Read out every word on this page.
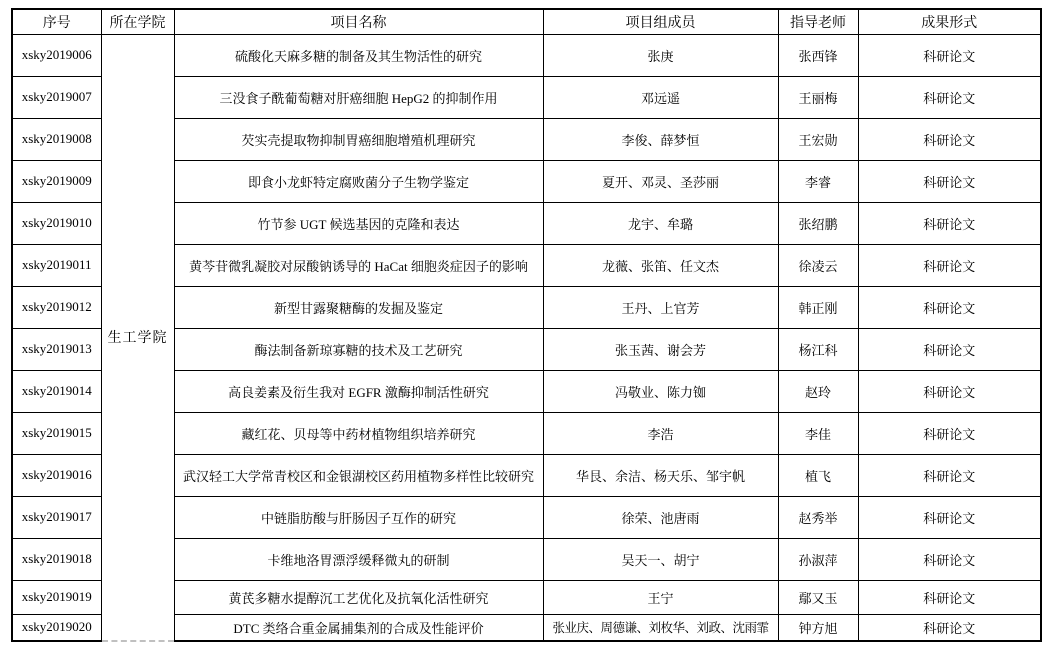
序号	所在学院	项目名称	项目组成员	指导老师	成果形式
xsky2019006	生工学院	硫酸化天麻多糖的制备及其生物活性的研究	张庚	张西锋	科研论文
xsky2019007		三没食子酰葡萄糖对肝癌细胞 HepG2 的抑制作用	邓远遥	王丽梅	科研论文
xsky2019008		芡实壳提取物抑制胃癌细胞增殖机理研究	李俊、薛梦恒	王宏勋	科研论文
xsky2019009		即食小龙虾特定腐败菌分子生物学鉴定	夏开、邓灵、圣莎丽	李睿	科研论文
xsky2019010		竹节参 UGT 候选基因的克隆和表达	龙宇、牟璐	张绍鹏	科研论文
xsky2019011		黄芩苷微乳凝胶对尿酸钠诱导的 HaCat 细胞炎症因子的影响	龙薇、张笛、任文杰	徐凌云	科研论文
xsky2019012		新型甘露聚糖酶的发掘及鉴定	王丹、上官芳	韩正刚	科研论文
xsky2019013		酶法制备新琼寡糖的技术及工艺研究	张玉茜、谢会芳	杨江科	科研论文
xsky2019014		高良姜素及衍生我对 EGFR 激酶抑制活性研究	冯敬业、陈力铷	赵玲	科研论文
xsky2019015		藏红花、贝母等中药材植物组织培养研究	李浩	李佳	科研论文
xsky2019016		武汉轻工大学常青校区和金银湖校区药用植物多样性比较研究	华艮、余洁、杨天乐、邹宇帆	植飞	科研论文
xsky2019017		中链脂肪酸与肝肠因子互作的研究	徐荣、池唐雨	赵秀举	科研论文
xsky2019018		卡维地洛胃漂浮缓释微丸的研制	吴天一、胡宁	孙淑萍	科研论文
xsky2019019		黄芪多糖水提醇沉工艺优化及抗氧化活性研究	王宁	鄢又玉	科研论文
xsky2019020		DTC 类络合重金属捕集剂的合成及性能评价	张业庆、周德谦、刘枚华、刘政、沈雨霏	钟方旭	科研论文
